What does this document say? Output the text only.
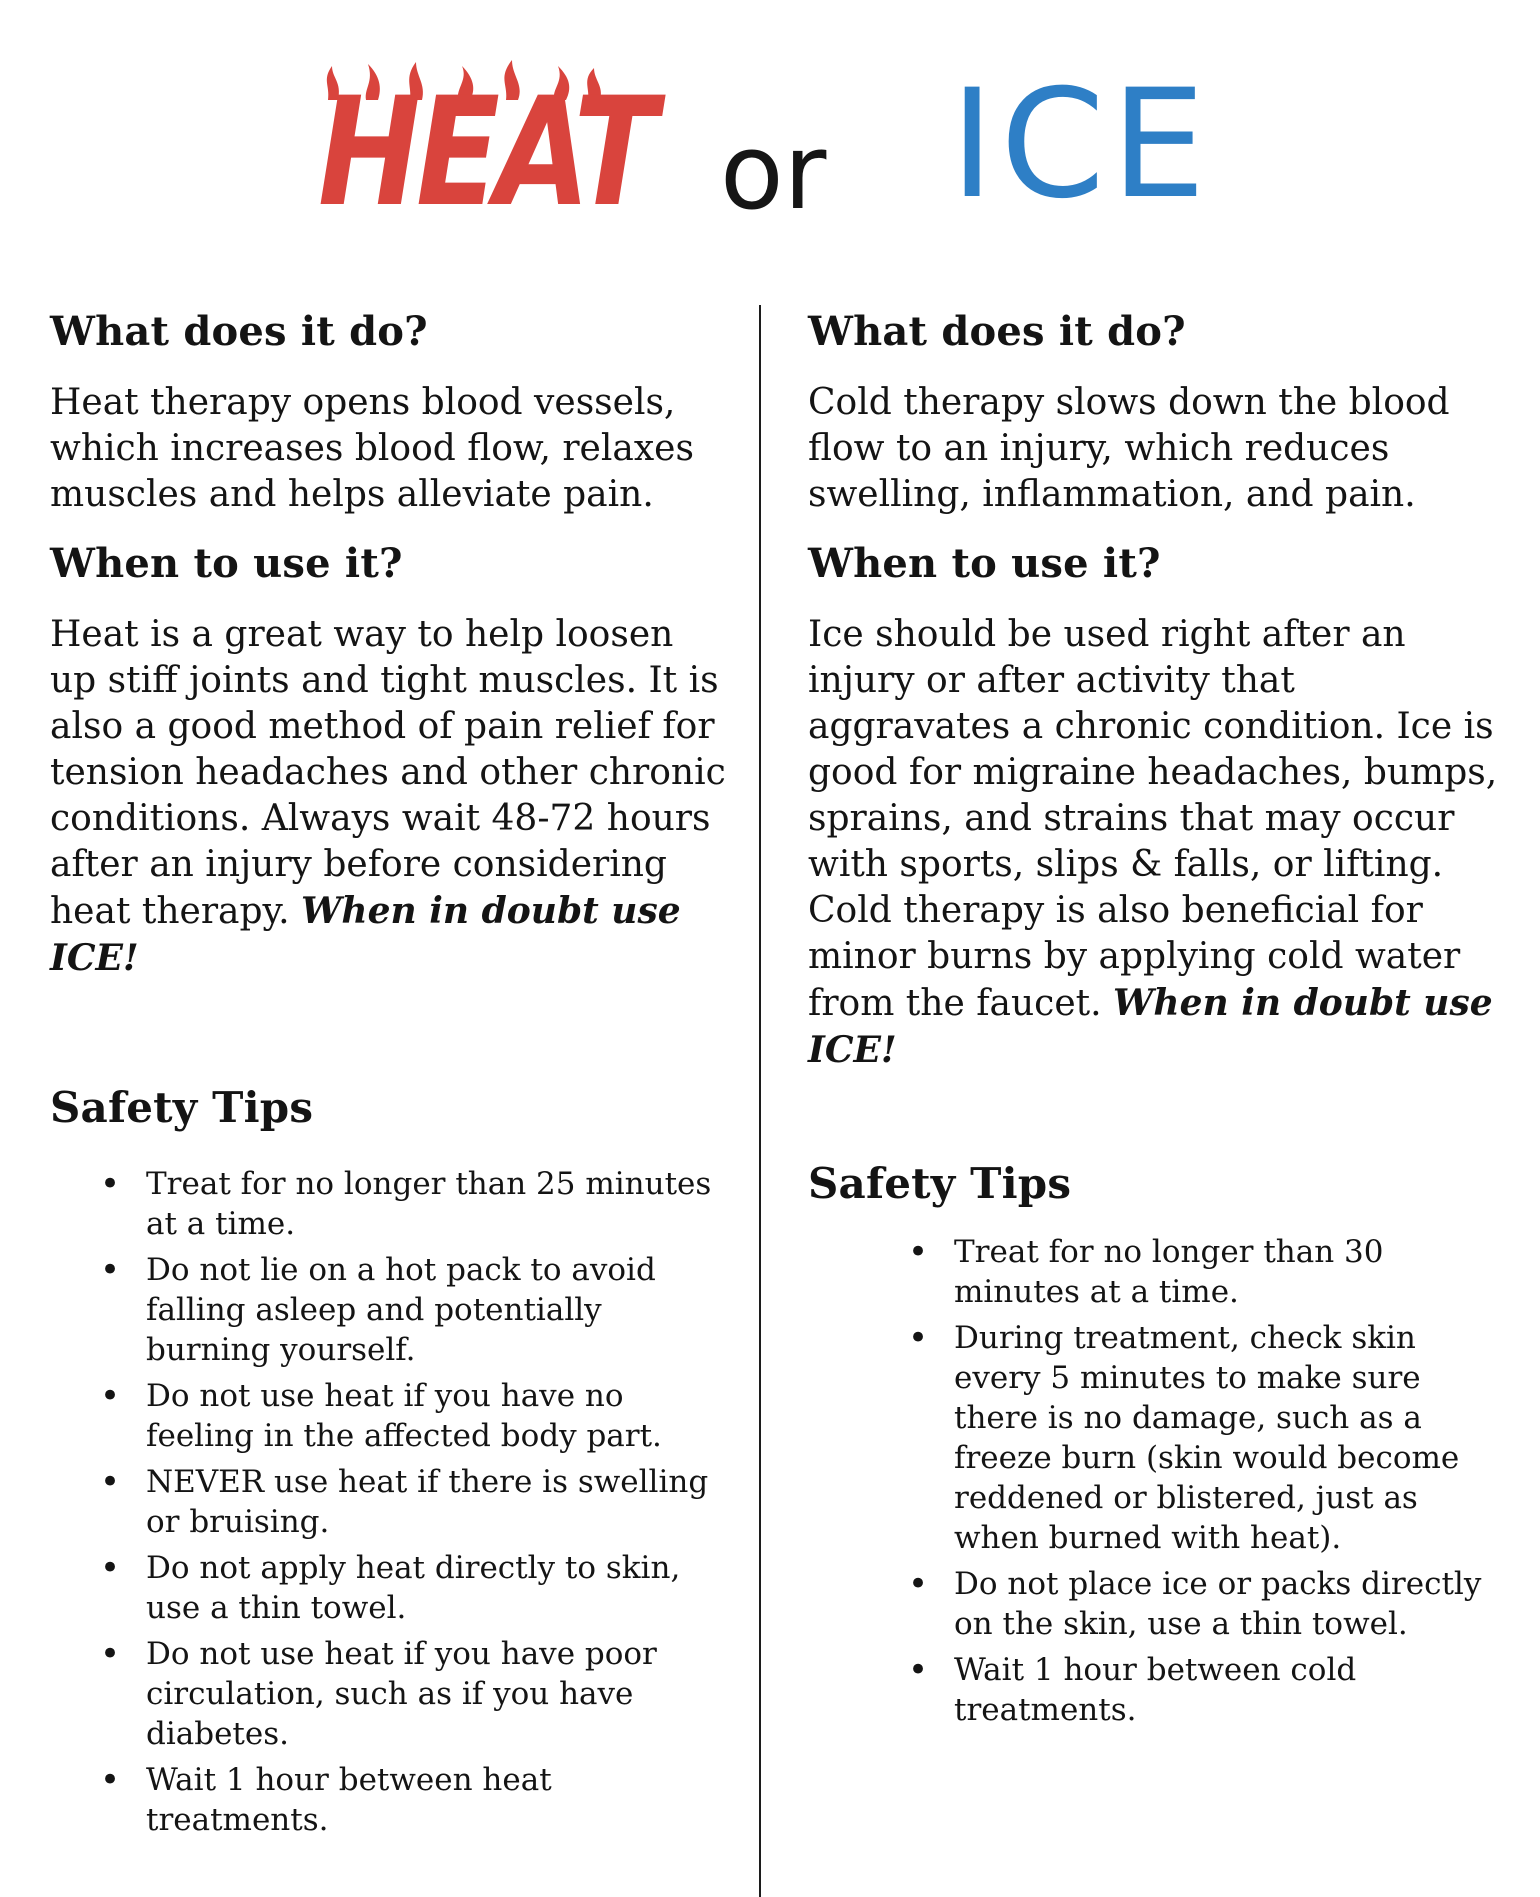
HEAT or ICE
What does it do?

Heat therapy opens blood vessels, which increases blood flow, relaxes muscles and helps alleviate pain.

When to use it?

Heat is a great way to help loosen up stiff joints and tight muscles. It is also a good method of pain relief for tension headaches and other chronic conditions. Always wait 48-72 hours after an injury before considering heat therapy. When in doubt use ICE!

Safety Tips
• Treat for no longer than 25 minutes at a time.
• Do not lie on a hot pack to avoid falling asleep and potentially burning yourself.
• Do not use heat if you have no feeling in the affected body part.
• NEVER use heat if there is swelling or bruising.
• Do not apply heat directly to skin, use a thin towel.
• Do not use heat if you have poor circulation, such as if you have diabetes.
• Wait 1 hour between heat treatments.
What does it do?

Cold therapy slows down the blood flow to an injury, which reduces swelling, inflammation, and pain.

When to use it?

Ice should be used right after an injury or after activity that aggravates a chronic condition. Ice is good for migraine headaches, bumps, sprains, and strains that may occur with sports, slips & falls, or lifting. Cold therapy is also beneficial for minor burns by applying cold water from the faucet. When in doubt use ICE!

Safety Tips
• Treat for no longer than 30 minutes at a time.
• During treatment, check skin every 5 minutes to make sure there is no damage, such as a freeze burn (skin would become reddened or blistered, just as when burned with heat).
• Do not place ice or packs directly on the skin, use a thin towel.
• Wait 1 hour between cold treatments.
